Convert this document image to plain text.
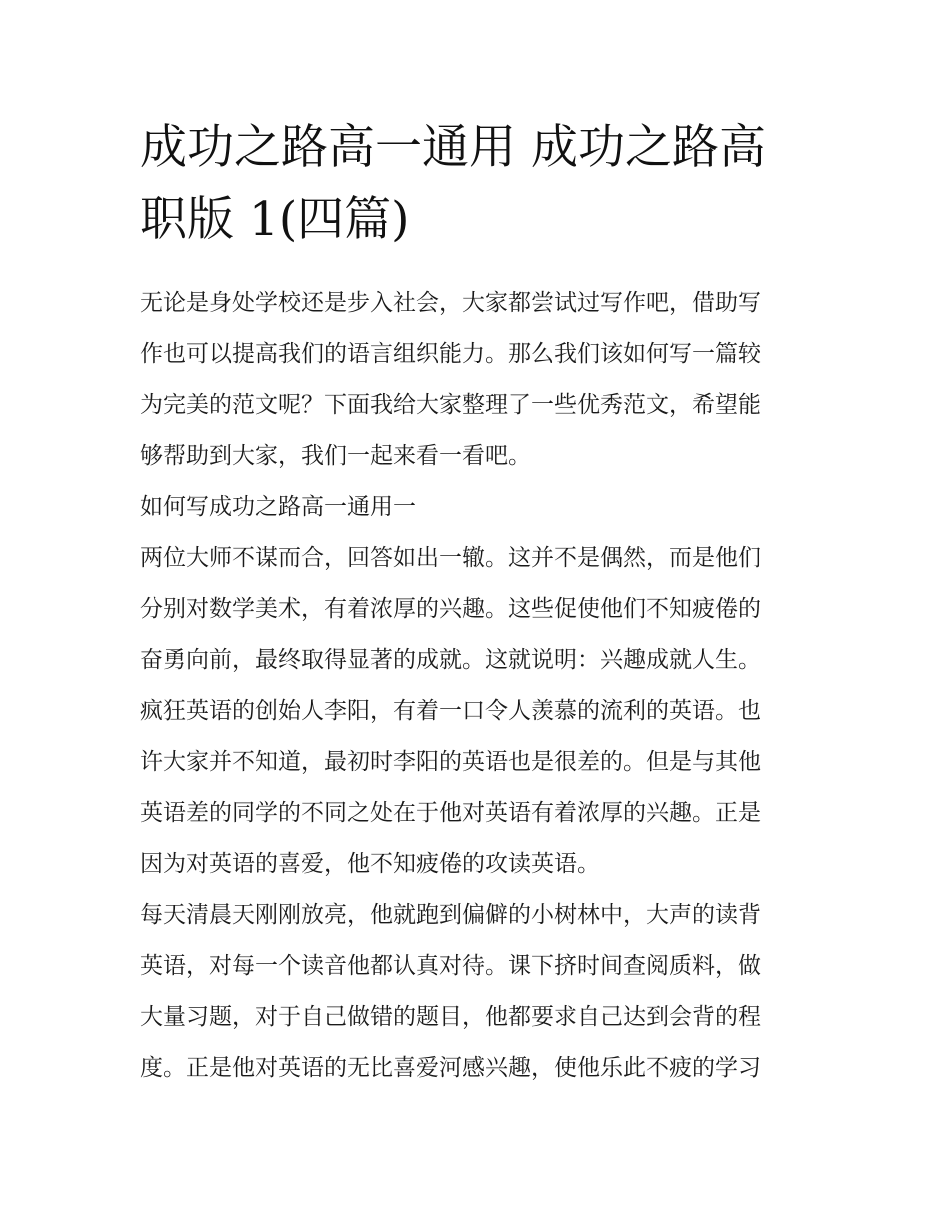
成功之路高一通用 成功之路高
职版 1(四篇)
无论是身处学校还是步入社会，大家都尝试过写作吧，借助写
作也可以提高我们的语言组织能力。那么我们该如何写一篇较
为完美的范文呢？下面我给大家整理了一些优秀范文，希望能
够帮助到大家，我们一起来看一看吧。
如何写成功之路高一通用一
两位大师不谋而合，回答如出一辙。这并不是偶然，而是他们
分别对数学美术，有着浓厚的兴趣。这些促使他们不知疲倦的
奋勇向前，最终取得显著的成就。这就说明：兴趣成就人生。
疯狂英语的创始人李阳，有着一口令人羡慕的流利的英语。也
许大家并不知道，最初时李阳的英语也是很差的。但是与其他
英语差的同学的不同之处在于他对英语有着浓厚的兴趣。正是
因为对英语的喜爱，他不知疲倦的攻读英语。
每天清晨天刚刚放亮，他就跑到偏僻的小树林中，大声的读背
英语，对每一个读音他都认真对待。课下挤时间查阅质料，做
大量习题，对于自己做错的题目，他都要求自己达到会背的程
度。正是他对英语的无比喜爱河感兴趣，使他乐此不疲的学习
